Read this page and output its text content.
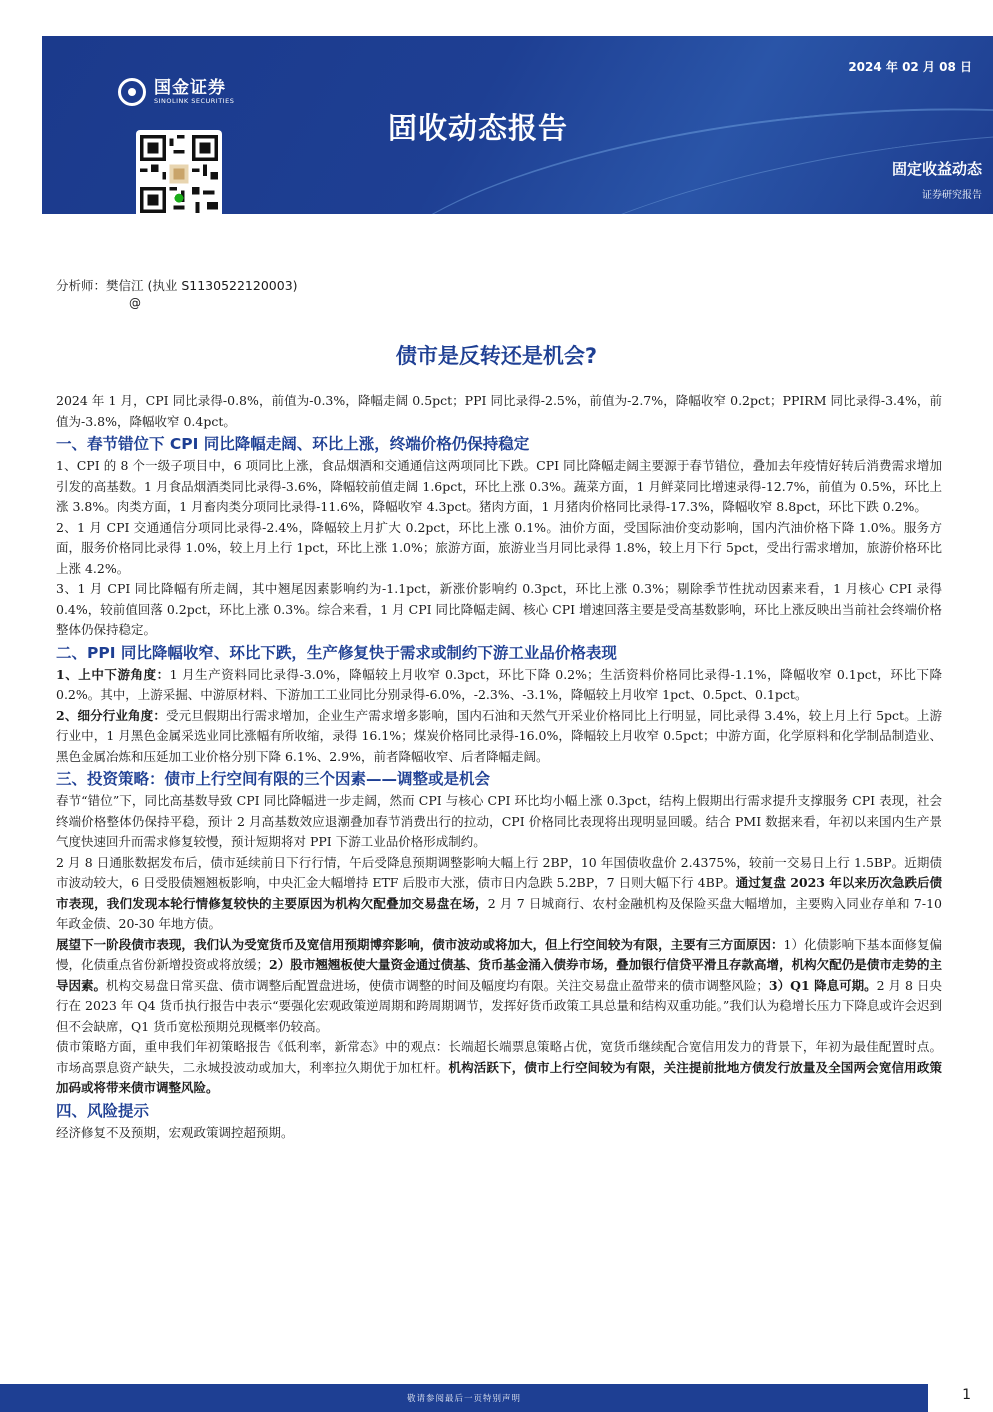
国金证券
SINOLINK SECURITIES
2024 年 02 月 08 日
固收动态报告
固定收益动态
证券研究报告
分析师：樊信江 (执业 S1130522120003)
@
债市是反转还是机会?

2024 年 1 月，CPI 同比录得-0.8%，前值为-0.3%，降幅走阔 0.5pct；PPI 同比录得-2.5%，前值为-2.7%，降幅收窄 0.2pct；PPIRM 同比录得-3.4%，前值为-3.8%，降幅收窄 0.4pct。

一、春节错位下 CPI 同比降幅走阔、环比上涨，终端价格仍保持稳定

1、CPI 的 8 个一级子项目中，6 项同比上涨，食品烟酒和交通通信这两项同比下跌。CPI 同比降幅走阔主要源于春节错位，叠加去年疫情好转后消费需求增加引发的高基数。1 月食品烟酒类同比录得-3.6%，降幅较前值走阔 1.6pct，环比上涨 0.3%。蔬菜方面，1 月鲜菜同比增速录得-12.7%，前值为 0.5%，环比上涨 3.8%。肉类方面，1 月畜肉类分项同比录得-11.6%，降幅收窄 4.3pct。猪肉方面，1 月猪肉价格同比录得-17.3%，降幅收窄 8.8pct，环比下跌 0.2%。

2、1 月 CPI 交通通信分项同比录得-2.4%，降幅较上月扩大 0.2pct，环比上涨 0.1%。油价方面，受国际油价变动影响，国内汽油价格下降 1.0%。服务方面，服务价格同比录得 1.0%，较上月上行 1pct，环比上涨 1.0%；旅游方面，旅游业当月同比录得 1.8%，较上月下行 5pct，受出行需求增加，旅游价格环比上涨 4.2%。

3、1 月 CPI 同比降幅有所走阔，其中翘尾因素影响约为-1.1pct，新涨价影响约 0.3pct，环比上涨 0.3%；剔除季节性扰动因素来看，1 月核心 CPI 录得 0.4%，较前值回落 0.2pct，环比上涨 0.3%。综合来看，1 月 CPI 同比降幅走阔、核心 CPI 增速回落主要是受高基数影响，环比上涨反映出当前社会终端价格整体仍保持稳定。

二、PPI 同比降幅收窄、环比下跌，生产修复快于需求或制约下游工业品价格表现

1、上中下游角度：1 月生产资料同比录得-3.0%，降幅较上月收窄 0.3pct，环比下降 0.2%；生活资料价格同比录得-1.1%，降幅收窄 0.1pct，环比下降 0.2%。其中，上游采掘、中游原材料、下游加工工业同比分别录得-6.0%，-2.3%、-3.1%，降幅较上月收窄 1pct、0.5pct、0.1pct。

2、细分行业角度：受元旦假期出行需求增加，企业生产需求增多影响，国内石油和天然气开采业价格同比上行明显，同比录得 3.4%，较上月上行 5pct。上游行业中，1 月黑色金属采选业同比涨幅有所收缩，录得 16.1%；煤炭价格同比录得-16.0%，降幅较上月收窄 0.5pct；中游方面，化学原料和化学制品制造业、黑色金属冶炼和压延加工业价格分别下降 6.1%、2.9%，前者降幅收窄、后者降幅走阔。

三、投资策略：债市上行空间有限的三个因素——调整或是机会

春节“错位”下，同比高基数导致 CPI 同比降幅进一步走阔，然而 CPI 与核心 CPI 环比均小幅上涨 0.3pct，结构上假期出行需求提升支撑服务 CPI 表现，社会终端价格整体仍保持平稳，预计 2 月高基数效应退潮叠加春节消费出行的拉动，CPI 价格同比表现将出现明显回暖。结合 PMI 数据来看，年初以来国内生产景气度快速回升而需求修复较慢，预计短期将对 PPI 下游工业品价格形成制约。

2 月 8 日通胀数据发布后，债市延续前日下行行情，午后受降息预期调整影响大幅上行 2BP，10 年国债收盘价 2.4375%，较前一交易日上行 1.5BP。近期债市波动较大，6 日受股债翘翘板影响，中央汇金大幅增持 ETF 后股市大涨，债市日内急跌 5.2BP，7 日则大幅下行 4BP。通过复盘 2023 年以来历次急跌后债市表现，我们发现本轮行情修复较快的主要原因为机构欠配叠加交易盘在场，2 月 7 日城商行、农村金融机构及保险买盘大幅增加，主要购入同业存单和 7-10 年政金债、20-30 年地方债。

展望下一阶段债市表现，我们认为受宽货币及宽信用预期博弈影响，债市波动或将加大，但上行空间较为有限，主要有三方面原因：1）化债影响下基本面修复偏慢，化债重点省份新增投资或将放缓；2）股市翘翘板使大量资金通过债基、货币基金涌入债券市场，叠加银行信贷平滑且存款高增，机构欠配仍是债市走势的主导因素。机构交易盘日常买盘、债市调整后配置盘进场，使债市调整的时间及幅度均有限。关注交易盘止盈带来的债市调整风险；3）Q1 降息可期。2 月 8 日央行在 2023 年 Q4 货币执行报告中表示“要强化宏观政策逆周期和跨周期调节，发挥好货币政策工具总量和结构双重功能。”我们认为稳增长压力下降息或许会迟到但不会缺席，Q1 货币宽松预期兑现概率仍较高。

债市策略方面，重申我们年初策略报告《低利率，新常态》中的观点：长端超长端票息策略占优，宽货币继续配合宽信用发力的背景下，年初为最佳配置时点。市场高票息资产缺失，二永城投波动或加大，利率拉久期优于加杠杆。机构活跃下，债市上行空间较为有限，关注提前批地方债发行放量及全国两会宽信用政策加码或将带来债市调整风险。

四、风险提示

经济修复不及预期，宏观政策调控超预期。

敬请参阅最后一页特别声明	1
